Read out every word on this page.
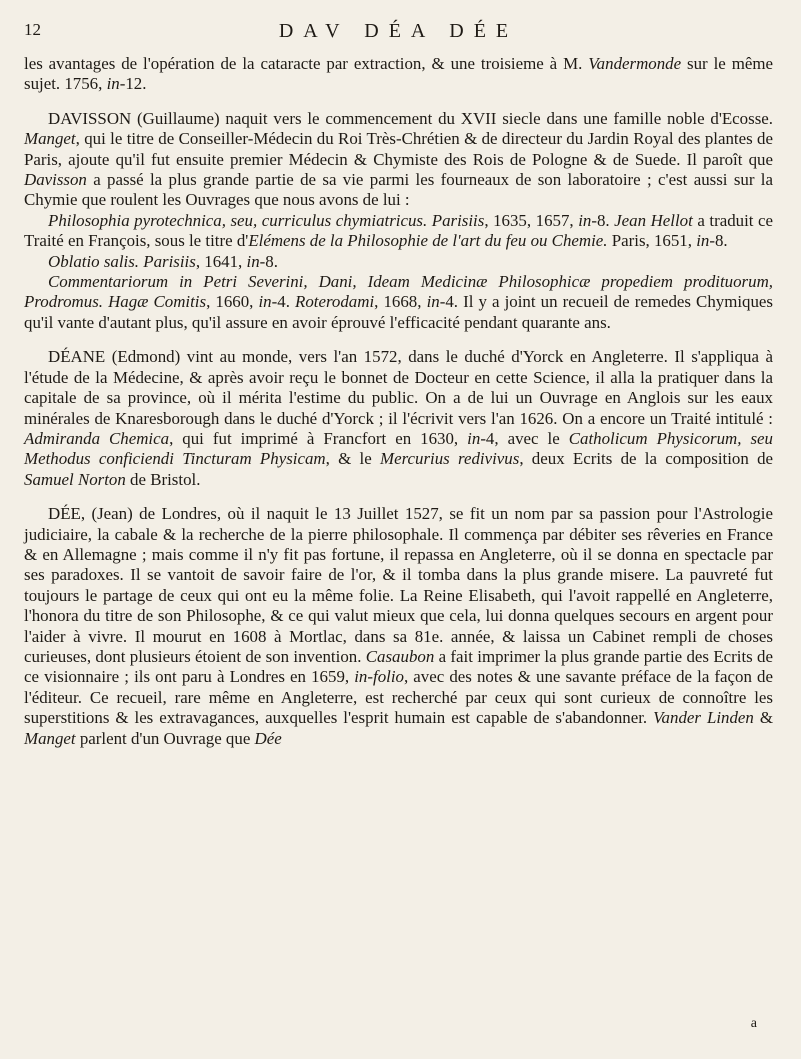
12	DAV DÉA DÉE

les avantages de l'opération de la cataracte par extraction, & une troisieme à M. Vandermonde sur le même sujet. 1756, in-12.

DAVISSON (Guillaume) naquit vers le commencement du XVII siecle dans une famille noble d'Ecosse. Manget, qui le titre de Conseiller-Médecin du Roi Très-Chrétien & de directeur du Jardin Royal des plantes de Paris, ajoute qu'il fut ensuite premier Médecin & Chymiste des Rois de Pologne & de Suede. Il paroît que Davisson a passé la plus grande partie de sa vie parmi les fourneaux de son laboratoire ; c'est aussi sur la Chymie que roulent les Ouvrages que nous avons de lui :

Philosophia pyrotechnica, seu, curriculus chymiatricus. Parisiis, 1635, 1657, in-8. Jean Hellot a traduit ce Traité en François, sous le titre d'Elémens de la Philosophie de l'art du feu ou Chemie. Paris, 1651, in-8.

Oblatio salis. Parisiis, 1641, in-8.

Commentariorum in Petri Severini, Dani, Ideam Medicinæ Philosophicæ propediem prodituorum, Prodromus. Hagæ Comitis, 1660, in-4. Roterodami, 1668, in-4. Il y a joint un recueil de remedes Chymiques qu'il vante d'autant plus, qu'il assure en avoir éprouvé l'efficacité pendant quarante ans.

DÉANE (Edmond) vint au monde, vers l'an 1572, dans le duché d'Yorck en Angleterre. Il s'appliqua à l'étude de la Médecine, & après avoir reçu le bonnet de Docteur en cette Science, il alla la pratiquer dans la capitale de sa province, où il mérita l'estime du public. On a de lui un Ouvrage en Anglois sur les eaux minérales de Knaresborough dans le duché d'Yorck ; il l'écrivit vers l'an 1626. On a encore un Traité intitulé : Admiranda Chemica, qui fut imprimé à Francfort en 1630, in-4, avec le Catholicum Physicorum, seu Methodus conficiendi Tincturam Physicam, & le Mercurius redivivus, deux Ecrits de la composition de Samuel Norton de Bristol.

DÉE, (Jean) de Londres, où il naquit le 13 Juillet 1527, se fit un nom par sa passion pour l'Astrologie judiciaire, la cabale & la recherche de la pierre philosophale. Il commença par débiter ses rêveries en France & en Allemagne ; mais comme il n'y fit pas fortune, il repassa en Angleterre, où il se donna en spectacle par ses paradoxes. Il se vantoit de savoir faire de l'or, & il tomba dans la plus grande misere. La pauvreté fut toujours le partage de ceux qui ont eu la même folie. La Reine Elisabeth, qui l'avoit rappellé en Angleterre, l'honora du titre de son Philosophe, & ce qui valut mieux que cela, lui donna quelques secours en argent pour l'aider à vivre. Il mourut en 1608 à Mortlac, dans sa 81e. année, & laissa un Cabinet rempli de choses curieuses, dont plusieurs étoient de son invention. Casaubon a fait imprimer la plus grande partie des Ecrits de ce visionnaire ; ils ont paru à Londres en 1659, in-folio, avec des notes & une savante préface de la façon de l'éditeur. Ce recueil, rare même en Angleterre, est recherché par ceux qui sont curieux de connoître les superstitions & les extravagances, auxquelles l'esprit humain est capable de s'abandonner. Vander Linden & Manget parlent d'un Ouvrage que Dée

a
